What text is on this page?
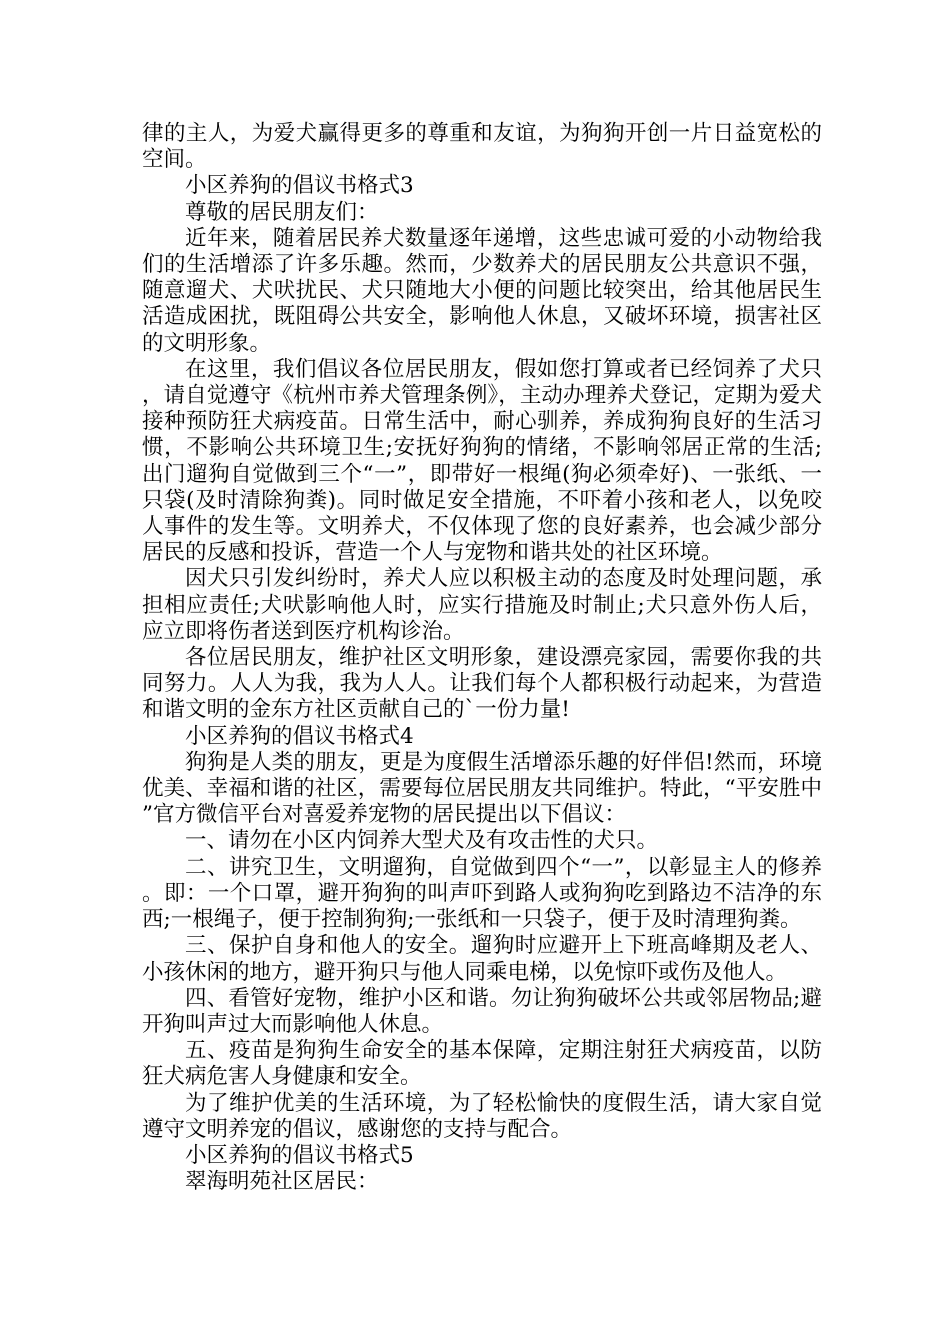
律的主人，为爱犬赢得更多的尊重和友谊，为狗狗开创一片日益宽松的空间。

小区养狗的倡议书格式3

尊敬的居民朋友们：

近年来，随着居民养犬数量逐年递增，这些忠诚可爱的小动物给我们的生活增添了许多乐趣。然而，少数养犬的居民朋友公共意识不强，随意遛犬、犬吠扰民、犬只随地大小便的问题比较突出，给其他居民生活造成困扰，既阻碍公共安全，影响他人休息，又破坏环境，损害社区的文明形象。

在这里，我们倡议各位居民朋友，假如您打算或者已经饲养了犬只，请自觉遵守《杭州市养犬管理条例》，主动办理养犬登记，定期为爱犬接种预防狂犬病疫苗。日常生活中，耐心驯养，养成狗狗良好的生活习惯，不影响公共环境卫生;安抚好狗狗的情绪，不影响邻居正常的生活;出门遛狗自觉做到三个“一”，即带好一根绳(狗必须牵好)、一张纸、一只袋(及时清除狗粪)。同时做足安全措施，不吓着小孩和老人，以免咬人事件的发生等。文明养犬，不仅体现了您的良好素养，也会减少部分居民的反感和投诉，营造一个人与宠物和谐共处的社区环境。

因犬只引发纠纷时，养犬人应以积极主动的态度及时处理问题，承担相应责任;犬吠影响他人时，应实行措施及时制止;犬只意外伤人后，应立即将伤者送到医疗机构诊治。

各位居民朋友，维护社区文明形象，建设漂亮家园，需要你我的共同努力。人人为我，我为人人。让我们每个人都积极行动起来，为营造和谐文明的金东方社区贡献自己的`一份力量!

小区养狗的倡议书格式4

狗狗是人类的朋友，更是为度假生活增添乐趣的好伴侣!然而，环境优美、幸福和谐的社区，需要每位居民朋友共同维护。特此，“平安胜中”官方微信平台对喜爱养宠物的居民提出以下倡议：

一、请勿在小区内饲养大型犬及有攻击性的犬只。

二、讲究卫生，文明遛狗，自觉做到四个“一”，以彰显主人的修养。即：一个口罩，避开狗狗的叫声吓到路人或狗狗吃到路边不洁净的东西;一根绳子，便于控制狗狗;一张纸和一只袋子，便于及时清理狗粪。

三、保护自身和他人的安全。遛狗时应避开上下班高峰期及老人、小孩休闲的地方，避开狗只与他人同乘电梯，以免惊吓或伤及他人。

四、看管好宠物，维护小区和谐。勿让狗狗破坏公共或邻居物品;避开狗叫声过大而影响他人休息。

五、疫苗是狗狗生命安全的基本保障，定期注射狂犬病疫苗，以防狂犬病危害人身健康和安全。

为了维护优美的生活环境，为了轻松愉快的度假生活，请大家自觉遵守文明养宠的倡议，感谢您的支持与配合。

小区养狗的倡议书格式5

翠海明苑社区居民：
